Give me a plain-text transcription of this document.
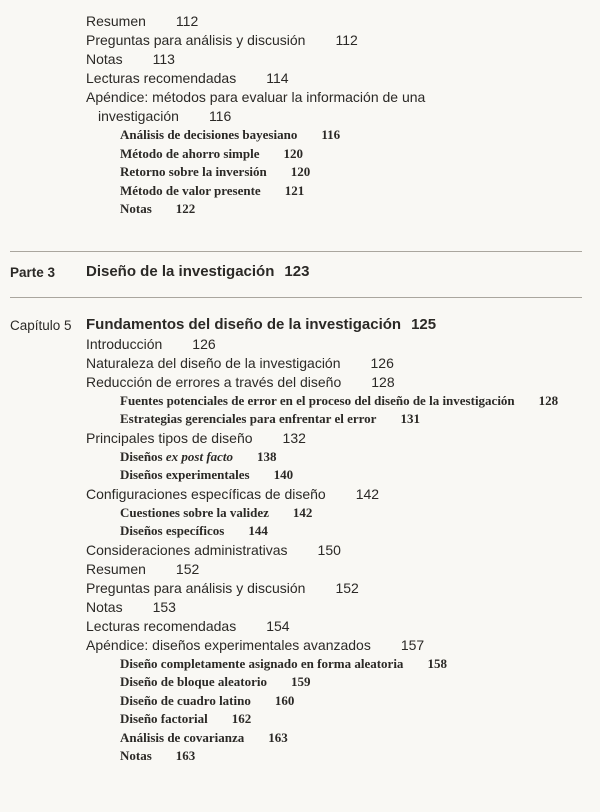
Resumen 112
Preguntas para análisis y discusión 112
Notas 113
Lecturas recomendadas 114
Apéndice: métodos para evaluar la información de una investigación 116
Análisis de decisiones bayesiano 116
Método de ahorro simple 120
Retorno sobre la inversión 120
Método de valor presente 121
Notas 122
Parte 3	Diseño de la investigación 123
Capítulo 5 Fundamentos del diseño de la investigación 125
Introducción 126
Naturaleza del diseño de la investigación 126
Reducción de errores a través del diseño 128
Fuentes potenciales de error en el proceso del diseño de la investigación 128
Estrategias gerenciales para enfrentar el error 131
Principales tipos de diseño 132
Diseños ex post facto 138
Diseños experimentales 140
Configuraciones específicas de diseño 142
Cuestiones sobre la validez 142
Diseños específicos 144
Consideraciones administrativas 150
Resumen 152
Preguntas para análisis y discusión 152
Notas 153
Lecturas recomendadas 154
Apéndice: diseños experimentales avanzados 157
Diseño completamente asignado en forma aleatoria 158
Diseño de bloque aleatorio 159
Diseño de cuadro latino 160
Diseño factorial 162
Análisis de covarianza 163
Notas 163
